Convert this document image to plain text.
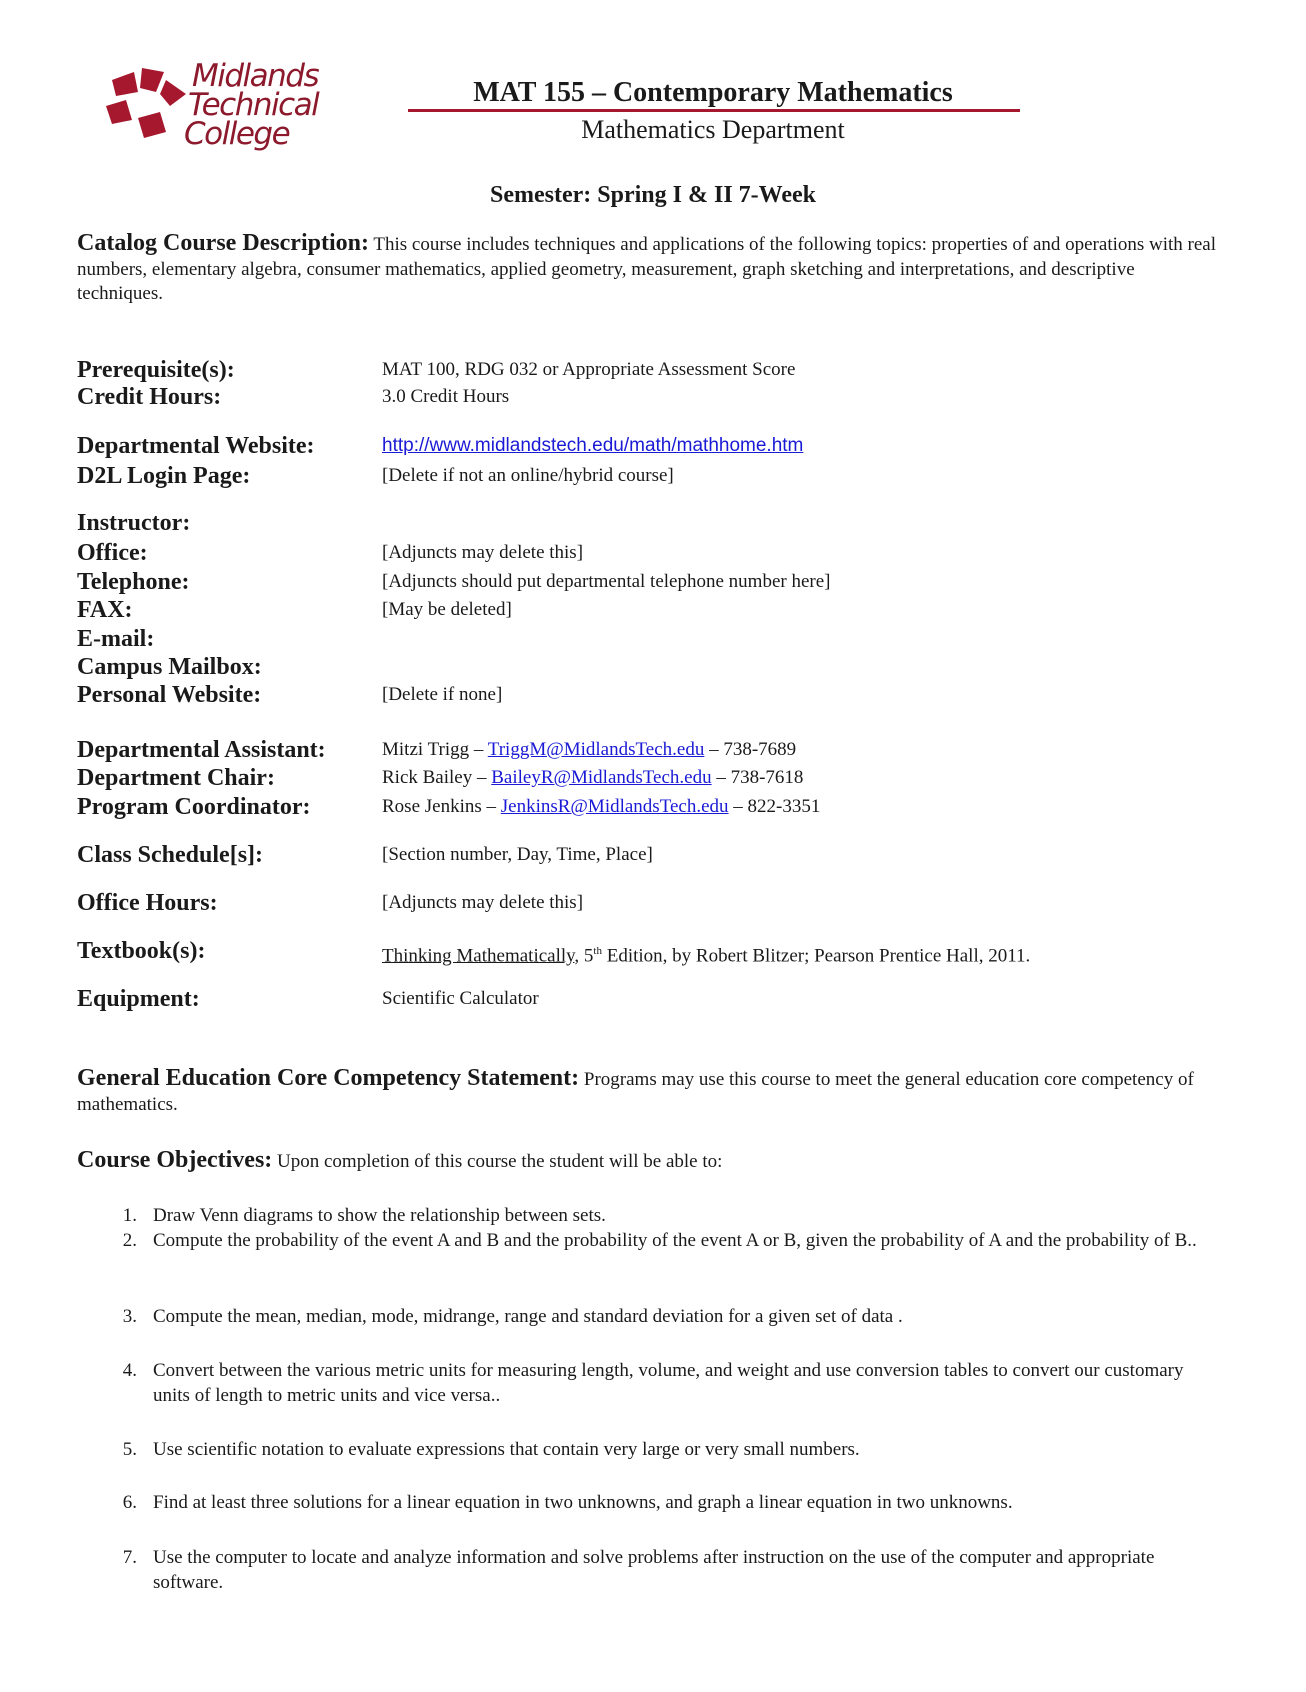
Midlands
Technical
College
MAT 155 – Contemporary Mathematics
Mathematics Department
Semester: Spring I & II 7-Week
Catalog Course Description: This course includes techniques and applications of the following topics: properties of and operations with real numbers, elementary algebra, consumer mathematics, applied geometry, measurement, graph sketching and interpretations, and descriptive techniques.
Prerequisite(s):	MAT 100, RDG 032 or Appropriate Assessment Score
Credit Hours:	3.0 Credit Hours
Departmental Website:	http://www.midlandstech.edu/math/mathhome.htm
D2L Login Page:	[Delete if not an online/hybrid course]
Instructor:
Office:	[Adjuncts may delete this]
Telephone:	[Adjuncts should put departmental telephone number here]
FAX:	[May be deleted]
E-mail:
Campus Mailbox:
Personal Website:	[Delete if none]
Departmental Assistant:	Mitzi Trigg – TriggM@MidlandsTech.edu – 738-7689
Department Chair:	Rick Bailey – BaileyR@MidlandsTech.edu – 738-7618
Program Coordinator:	Rose Jenkins – JenkinsR@MidlandsTech.edu – 822-3351
Class Schedule[s]:	[Section number, Day, Time, Place]
Office Hours:	[Adjuncts may delete this]
Textbook(s):	Thinking Mathematically, 5th Edition, by Robert Blitzer; Pearson Prentice Hall, 2011.
Equipment:	Scientific Calculator
General Education Core Competency Statement: Programs may use this course to meet the general education core competency of mathematics.
Course Objectives: Upon completion of this course the student will be able to:
1. Draw Venn diagrams to show the relationship between sets.
2. Compute the probability of the event A and B and the probability of the event A or B, given the probability of A and the probability of B..
3. Compute the mean, median, mode, midrange, range and standard deviation for a given set of data .
4. Convert between the various metric units for measuring length, volume, and weight and use conversion tables to convert our customary units of length to metric units and vice versa..
5. Use scientific notation to evaluate expressions that contain very large or very small numbers.
6. Find at least three solutions for a linear equation in two unknowns, and graph a linear equation in two unknowns.
7. Use the computer to locate and analyze information and solve problems after instruction on the use of the computer and appropriate software.
